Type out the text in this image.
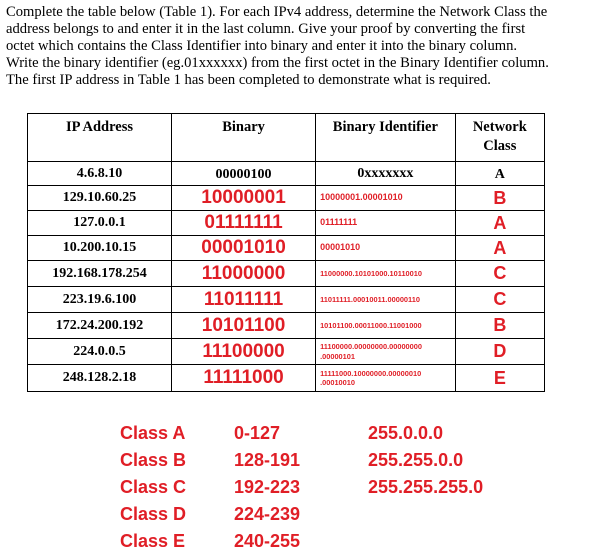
Complete the table below (Table 1). For each IPv4 address, determine the Network Class the
address belongs to and enter it in the last column. Give your proof by converting the first
octet which contains the Class Identifier into binary and enter it into the binary column.
Write the binary identifier (eg.01xxxxxx) from the first octet in the Binary Identifier column.
The first IP address in Table 1 has been completed to demonstrate what is required.
IP Address	Binary	Binary Identifier	Network
Class

4.6.8.10	00000100	0xxxxxxx	A
129.10.60.25	10000001	10000001.00001010	B
127.0.0.1	01111111	01111111	A
10.200.10.15	00001010	00001010	A
192.168.178.254	11000000	11000000.10101000.10110010	C
223.19.6.100	11011111	11011111.00010011.00000110	C
172.24.200.192	10101100	10101100.00011000.11001000	B
224.0.0.5	11100000	11100000.00000000.00000000
.00000101	D
248.128.2.18	11111000	11111000.10000000.00000010
.00010010	E
Class A	0-127	255.0.0.0
Class B	128-191	255.255.0.0
Class C	192-223	255.255.255.0
Class D	224-239
Class E	240-255
